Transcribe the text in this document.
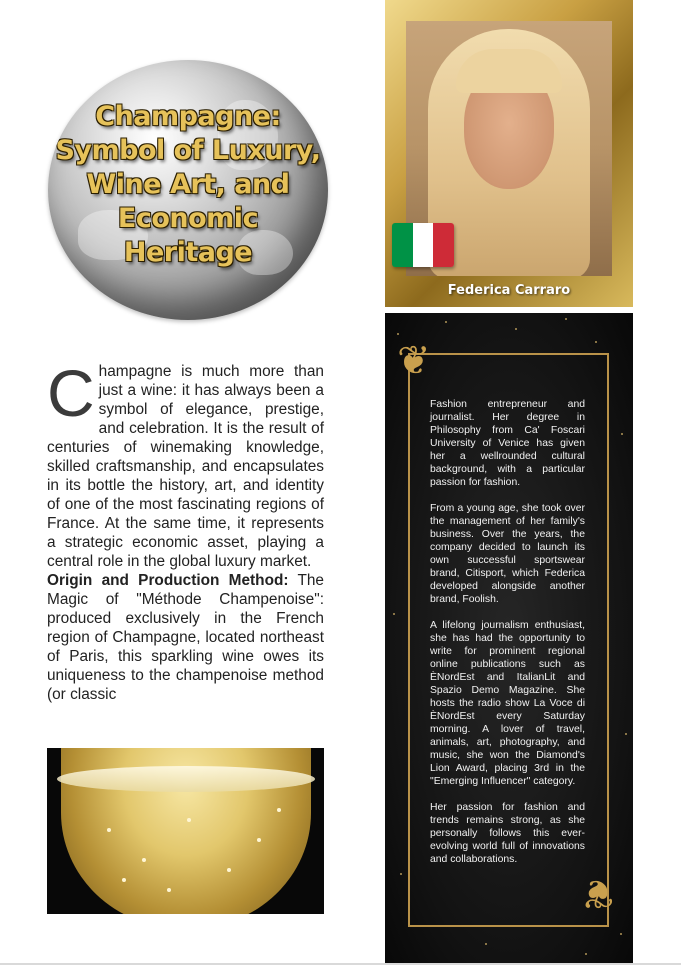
Champagne:
Symbol of Luxury,
Wine Art, and
Economic
Heritage
Champagne is much more than just a wine: it has always been a symbol of elegance, prestige, and celebration. It is the result of centuries of winemaking knowledge, skilled craftsmanship, and encapsulates in its bottle the history, art, and identity of one of the most fascinating regions of France. At the same time, it represents a strategic economic asset, playing a central role in the global luxury market.
Origin and Production Method: The Magic of "Méthode Champenoise": produced exclusively in the French region of Champagne, located northeast of Paris, this sparkling wine owes its uniqueness to the champenoise method (or classic
Federica Carraro
❦
❦

Fashion entrepreneur and journalist. Her degree in Philosophy from Ca' Foscari University of Venice has given her a wellrounded cultural background, with a particular passion for fashion.

From a young age, she took over the management of her family's business. Over the years, the company decided to launch its own successful sportswear brand, Citisport, which Federica developed alongside another brand, Foolish.

A lifelong journalism enthusiast, she has had the opportunity to write for prominent regional online publications such as ÈNordEst and ItalianLit and Spazio Demo Magazine. She hosts the radio show La Voce di ÈNordEst every Saturday morning. A lover of travel, animals, art, photography, and music, she won the Diamond's Lion Award, placing 3rd in the "Emerging Influencer" category.

Her passion for fashion and trends remains strong, as she personally follows this ever-evolving world full of innovations and collaborations.
